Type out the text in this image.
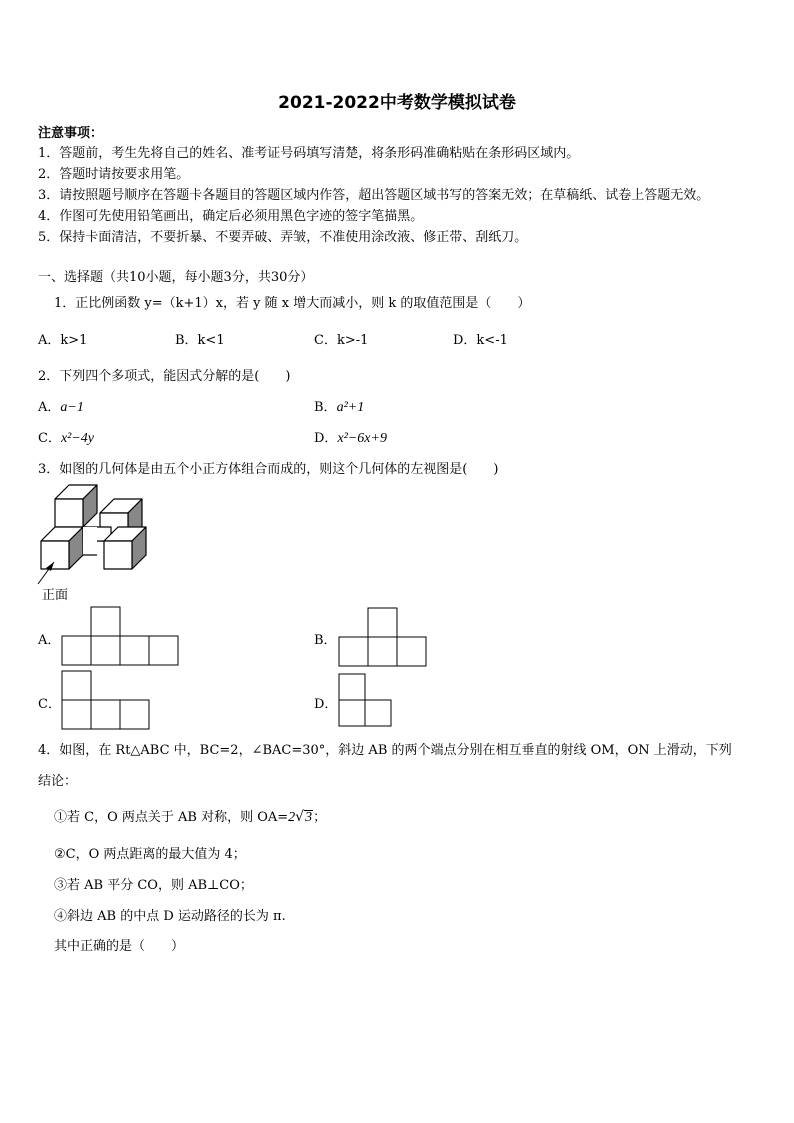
2021-2022中考数学模拟试卷
注意事项：
1．答题前，考生先将自己的姓名、准考证号码填写清楚，将条形码准确粘贴在条形码区域内。
2．答题时请按要求用笔。
3．请按照题号顺序在答题卡各题目的答题区域内作答，超出答题区域书写的答案无效；在草稿纸、试卷上答题无效。
4．作图可先使用铅笔画出，确定后必须用黑色字迹的签字笔描黑。
5．保持卡面清洁，不要折暴、不要弄破、弄皱，不准使用涂改液、修正带、刮纸刀。
一、选择题（共10小题，每小题3分，共30分）
1．正比例函数 y=（k+1）x，若 y 随 x 增大而减小，则 k 的取值范围是（　　）
A．k>1	B．k<1	C．k>-1	D．k<-1
2．下列四个多项式，能因式分解的是(　　)
A．a−1	B．a²+1
C．x²−4y	D．x²−6x+9
3．如图的几何体是由五个小正方体组合而成的，则这个几何体的左视图是(　　)
正面
A．	B．
C．	D．
4．如图，在 Rt△ABC 中，BC=2，∠BAC=30°，斜边 AB 的两个端点分别在相互垂直的射线 OM，ON 上滑动，下列
结论：
①若 C，O 两点关于 AB 对称，则 OA=2√3；
②C，O 两点距离的最大值为 4；
③若 AB 平分 CO，则 AB⊥CO；
④斜边 AB 的中点 D 运动路径的长为 π.
其中正确的是（　　）
